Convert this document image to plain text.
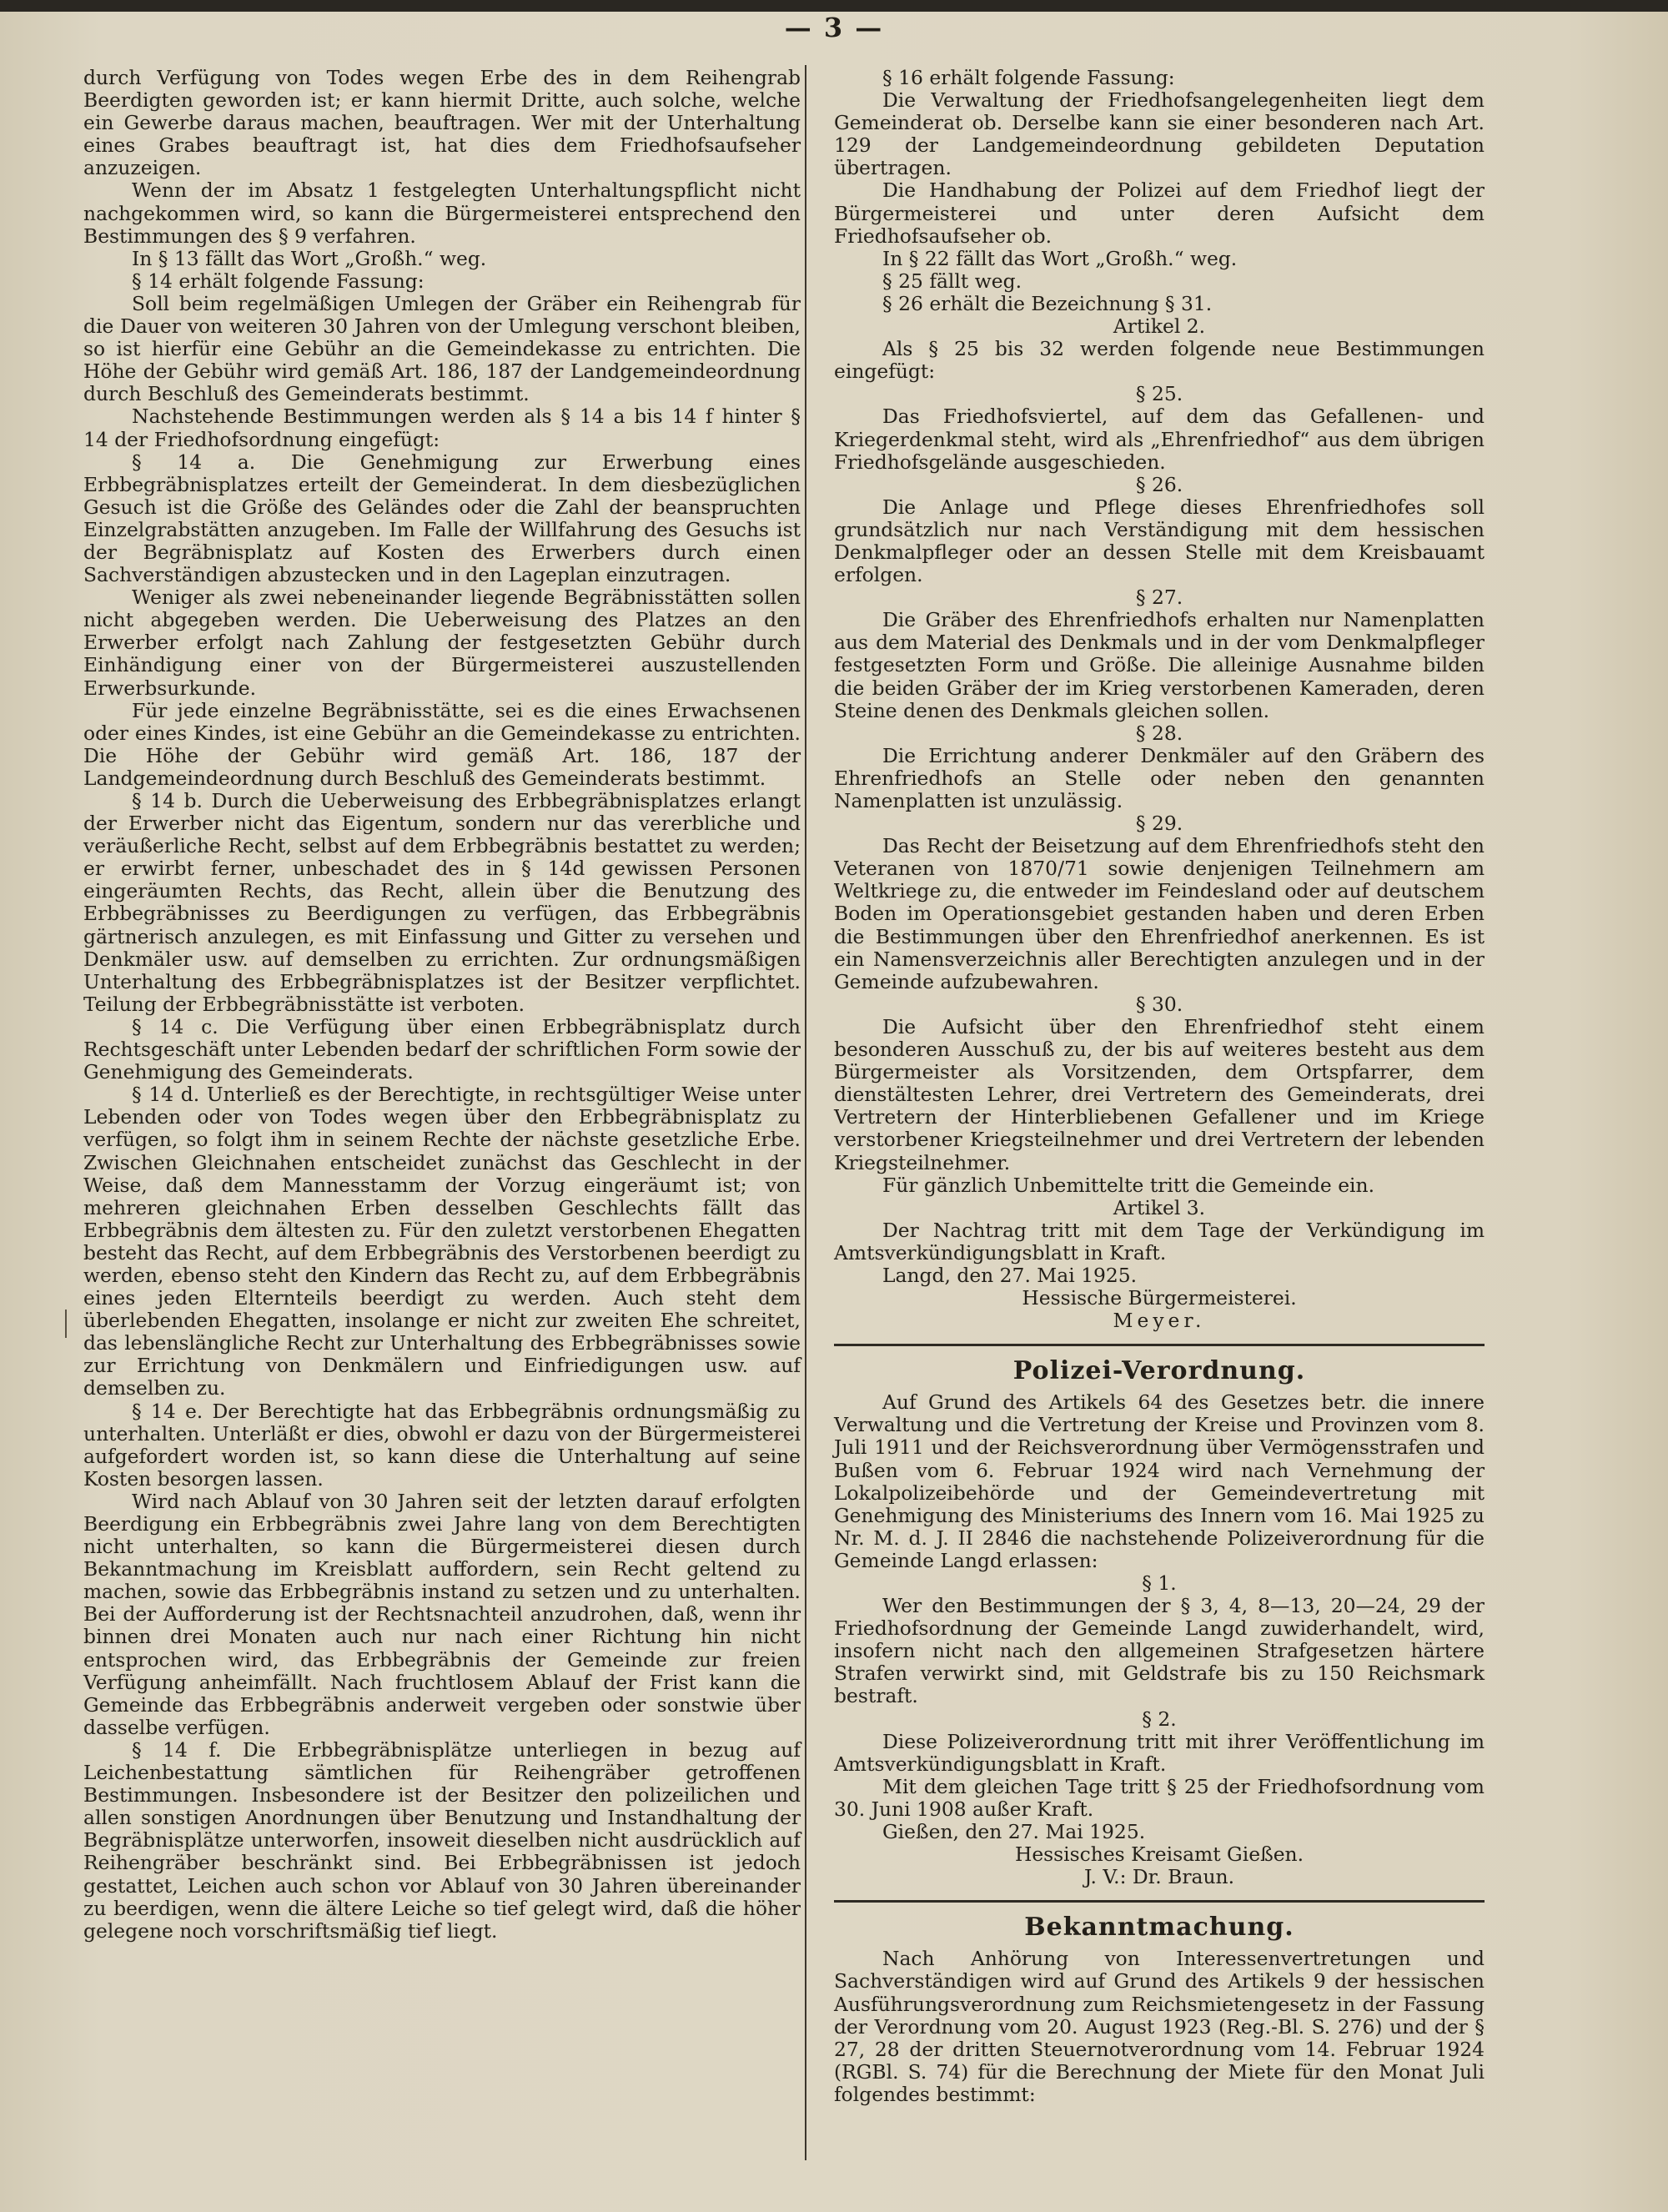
— 3 —

durch Verfügung von Todes wegen Erbe des in dem Reihengrab Beerdigten geworden ist; er kann hiermit Dritte, auch solche, welche ein Gewerbe daraus machen, beauftragen. Wer mit der Unterhaltung eines Grabes beauftragt ist, hat dies dem Friedhofsaufseher anzuzeigen.

Wenn der im Absatz 1 festgelegten Unterhaltungspflicht nicht nachgekommen wird, so kann die Bürgermeisterei entsprechend den Bestimmungen des § 9 verfahren.

In § 13 fällt das Wort „Großh.“ weg.

§ 14 erhält folgende Fassung:

Soll beim regelmäßigen Umlegen der Gräber ein Reihengrab für die Dauer von weiteren 30 Jahren von der Umlegung verschont bleiben, so ist hierfür eine Gebühr an die Gemeindekasse zu entrichten. Die Höhe der Gebühr wird gemäß Art. 186, 187 der Landgemeindeordnung durch Beschluß des Gemeinderats bestimmt.

Nachstehende Bestimmungen werden als § 14 a bis 14 f hinter § 14 der Friedhofsordnung eingefügt:

§ 14 a. Die Genehmigung zur Erwerbung eines Erbbegräbnisplatzes erteilt der Gemeinderat. In dem diesbezüglichen Gesuch ist die Größe des Geländes oder die Zahl der beanspruchten Einzelgrabstätten anzugeben. Im Falle der Willfahrung des Gesuchs ist der Begräbnisplatz auf Kosten des Erwerbers durch einen Sachverständigen abzustecken und in den Lageplan einzutragen.

Weniger als zwei nebeneinander liegende Begräbnisstätten sollen nicht abgegeben werden. Die Ueberweisung des Platzes an den Erwerber erfolgt nach Zahlung der festgesetzten Gebühr durch Einhändigung einer von der Bürgermeisterei auszustellenden Erwerbsurkunde.

Für jede einzelne Begräbnisstätte, sei es die eines Erwachsenen oder eines Kindes, ist eine Gebühr an die Gemeindekasse zu entrichten. Die Höhe der Gebühr wird gemäß Art. 186, 187 der Landgemeindeordnung durch Beschluß des Gemeinderats bestimmt.

§ 14 b. Durch die Ueberweisung des Erbbegräbnisplatzes erlangt der Erwerber nicht das Eigentum, sondern nur das vererbliche und veräußerliche Recht, selbst auf dem Erbbegräbnis bestattet zu werden; er erwirbt ferner, unbeschadet des in § 14d gewissen Personen eingeräumten Rechts, das Recht, allein über die Benutzung des Erbbegräbnisses zu Beerdigungen zu verfügen, das Erbbegräbnis gärtnerisch anzulegen, es mit Einfassung und Gitter zu versehen und Denkmäler usw. auf demselben zu errichten. Zur ordnungsmäßigen Unterhaltung des Erbbegräbnisplatzes ist der Besitzer verpflichtet. Teilung der Erbbegräbnisstätte ist verboten.

§ 14 c. Die Verfügung über einen Erbbegräbnisplatz durch Rechtsgeschäft unter Lebenden bedarf der schriftlichen Form sowie der Genehmigung des Gemeinderats.

§ 14 d. Unterließ es der Berechtigte, in rechtsgültiger Weise unter Lebenden oder von Todes wegen über den Erbbegräbnisplatz zu verfügen, so folgt ihm in seinem Rechte der nächste gesetzliche Erbe. Zwischen Gleichnahen entscheidet zunächst das Geschlecht in der Weise, daß dem Mannesstamm der Vorzug eingeräumt ist; von mehreren gleichnahen Erben desselben Geschlechts fällt das Erbbegräbnis dem ältesten zu. Für den zuletzt verstorbenen Ehegatten besteht das Recht, auf dem Erbbegräbnis des Verstorbenen beerdigt zu werden, ebenso steht den Kindern das Recht zu, auf dem Erbbegräbnis eines jeden Elternteils beerdigt zu werden. Auch steht dem überlebenden Ehegatten, insolange er nicht zur zweiten Ehe schreitet, das lebenslängliche Recht zur Unterhaltung des Erbbegräbnisses sowie zur Errichtung von Denkmälern und Einfriedigungen usw. auf demselben zu.

§ 14 e. Der Berechtigte hat das Erbbegräbnis ordnungsmäßig zu unterhalten. Unterläßt er dies, obwohl er dazu von der Bürgermeisterei aufgefordert worden ist, so kann diese die Unterhaltung auf seine Kosten besorgen lassen.

Wird nach Ablauf von 30 Jahren seit der letzten darauf erfolgten Beerdigung ein Erbbegräbnis zwei Jahre lang von dem Berechtigten nicht unterhalten, so kann die Bürgermeisterei diesen durch Bekanntmachung im Kreisblatt auffordern, sein Recht geltend zu machen, sowie das Erbbegräbnis instand zu setzen und zu unterhalten. Bei der Aufforderung ist der Rechtsnachteil anzudrohen, daß, wenn ihr binnen drei Monaten auch nur nach einer Richtung hin nicht entsprochen wird, das Erbbegräbnis der Gemeinde zur freien Verfügung anheimfällt. Nach fruchtlosem Ablauf der Frist kann die Gemeinde das Erbbegräbnis anderweit vergeben oder sonstwie über dasselbe verfügen.

§ 14 f. Die Erbbegräbnisplätze unterliegen in bezug auf Leichenbestattung sämtlichen für Reihengräber getroffenen Bestimmungen. Insbesondere ist der Besitzer den polizeilichen und allen sonstigen Anordnungen über Benutzung und Instandhaltung der Begräbnisplätze unterworfen, insoweit dieselben nicht ausdrücklich auf Reihengräber beschränkt sind. Bei Erbbegräbnissen ist jedoch gestattet, Leichen auch schon vor Ablauf von 30 Jahren übereinander zu beerdigen, wenn die ältere Leiche so tief gelegt wird, daß die höher gelegene noch vorschriftsmäßig tief liegt.

§ 16 erhält folgende Fassung:

Die Verwaltung der Friedhofsangelegenheiten liegt dem Gemeinderat ob. Derselbe kann sie einer besonderen nach Art. 129 der Landgemeindeordnung gebildeten Deputation übertragen.

Die Handhabung der Polizei auf dem Friedhof liegt der Bürgermeisterei und unter deren Aufsicht dem Friedhofsaufseher ob.

In § 22 fällt das Wort „Großh.“ weg.

§ 25 fällt weg.

§ 26 erhält die Bezeichnung § 31.

Artikel 2.

Als § 25 bis 32 werden folgende neue Bestimmungen eingefügt:

§ 25.

Das Friedhofsviertel, auf dem das Gefallenen- und Kriegerdenkmal steht, wird als „Ehrenfriedhof“ aus dem übrigen Friedhofsgelände ausgeschieden.

§ 26.

Die Anlage und Pflege dieses Ehrenfriedhofes soll grundsätzlich nur nach Verständigung mit dem hessischen Denkmalpfleger oder an dessen Stelle mit dem Kreisbauamt erfolgen.

§ 27.

Die Gräber des Ehrenfriedhofs erhalten nur Namenplatten aus dem Material des Denkmals und in der vom Denkmalpfleger festgesetzten Form und Größe. Die alleinige Ausnahme bilden die beiden Gräber der im Krieg verstorbenen Kameraden, deren Steine denen des Denkmals gleichen sollen.

§ 28.

Die Errichtung anderer Denkmäler auf den Gräbern des Ehrenfriedhofs an Stelle oder neben den genannten Namenplatten ist unzulässig.

§ 29.

Das Recht der Beisetzung auf dem Ehrenfriedhofs steht den Veteranen von 1870/71 sowie denjenigen Teilnehmern am Weltkriege zu, die entweder im Feindesland oder auf deutschem Boden im Operationsgebiet gestanden haben und deren Erben die Bestimmungen über den Ehrenfriedhof anerkennen. Es ist ein Namensverzeichnis aller Berechtigten anzulegen und in der Gemeinde aufzubewahren.

§ 30.

Die Aufsicht über den Ehrenfriedhof steht einem besonderen Ausschuß zu, der bis auf weiteres besteht aus dem Bürgermeister als Vorsitzenden, dem Ortspfarrer, dem dienstältesten Lehrer, drei Vertretern des Gemeinderats, drei Vertretern der Hinterbliebenen Gefallener und im Kriege verstorbener Kriegsteilnehmer und drei Vertretern der lebenden Kriegsteilnehmer.

Für gänzlich Unbemittelte tritt die Gemeinde ein.

Artikel 3.

Der Nachtrag tritt mit dem Tage der Verkündigung im Amtsverkündigungsblatt in Kraft.

Langd, den 27. Mai 1925.

Hessische Bürgermeisterei.

Meyer.

Polizei-Verordnung.

Auf Grund des Artikels 64 des Gesetzes betr. die innere Verwaltung und die Vertretung der Kreise und Provinzen vom 8. Juli 1911 und der Reichsverordnung über Vermögensstrafen und Bußen vom 6. Februar 1924 wird nach Vernehmung der Lokalpolizeibehörde und der Gemeindevertretung mit Genehmigung des Ministeriums des Innern vom 16. Mai 1925 zu Nr. M. d. J. II 2846 die nachstehende Polizeiverordnung für die Gemeinde Langd erlassen:

§ 1.

Wer den Bestimmungen der § 3, 4, 8—13, 20—24, 29 der Friedhofsordnung der Gemeinde Langd zuwiderhandelt, wird, insofern nicht nach den allgemeinen Strafgesetzen härtere Strafen verwirkt sind, mit Geldstrafe bis zu 150 Reichsmark bestraft.

§ 2.

Diese Polizeiverordnung tritt mit ihrer Veröffentlichung im Amtsverkündigungsblatt in Kraft.

Mit dem gleichen Tage tritt § 25 der Friedhofsordnung vom 30. Juni 1908 außer Kraft.

Gießen, den 27. Mai 1925.

Hessisches Kreisamt Gießen.

J. V.: Dr. Braun.

Bekanntmachung.

Nach Anhörung von Interessenvertretungen und Sachverständigen wird auf Grund des Artikels 9 der hessischen Ausführungsverordnung zum Reichsmietengesetz in der Fassung der Verordnung vom 20. August 1923 (Reg.-Bl. S. 276) und der § 27, 28 der dritten Steuernotverordnung vom 14. Februar 1924 (RGBl. S. 74) für die Berechnung der Miete für den Monat Juli folgendes bestimmt:
